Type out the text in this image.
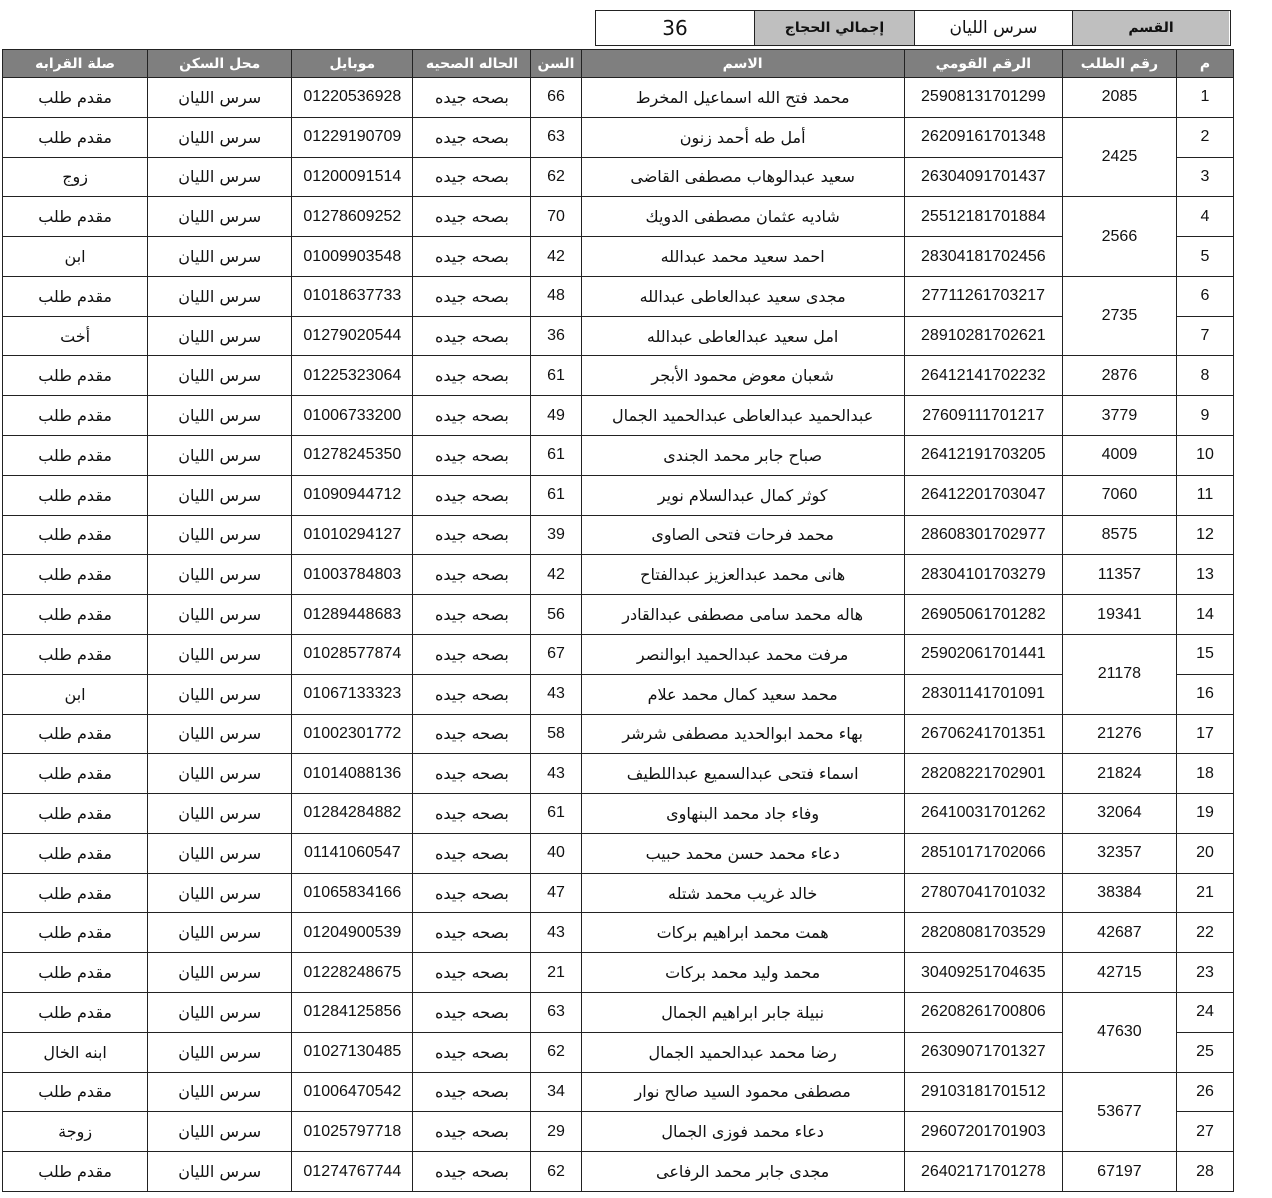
36	إجمالي الحجاج	سرس الليان	القسم
م	رقم الطلب	الرقم القومي	الاسم	السن	الحاله الصحيه	موبايل	محل السكن	صلة القرابه
1	2085	25908131701299	محمد فتح الله اسماعيل المخرط	66	بصحه جيده	01220536928	سرس الليان	مقدم طلب
2	2425	26209161701348	أمل طه أحمد زنون	63	بصحه جيده	01229190709	سرس الليان	مقدم طلب
3		26304091701437	سعيد عبدالوهاب مصطفى القاضى	62	بصحه جيده	01200091514	سرس الليان	زوج
4	2566	25512181701884	شاديه عثمان مصطفى الدويك	70	بصحه جيده	01278609252	سرس الليان	مقدم طلب
5		28304181702456	احمد سعيد محمد عبدالله	42	بصحه جيده	01009903548	سرس الليان	ابن
6	2735	27711261703217	مجدى سعيد عبدالعاطى عبدالله	48	بصحه جيده	01018637733	سرس الليان	مقدم طلب
7		28910281702621	امل سعيد عبدالعاطى عبدالله	36	بصحه جيده	01279020544	سرس الليان	أخت
8	2876	26412141702232	شعبان معوض محمود الأبجر	61	بصحه جيده	01225323064	سرس الليان	مقدم طلب
9	3779	27609111701217	عبدالحميد عبدالعاطى عبدالحميد الجمال	49	بصحه جيده	01006733200	سرس الليان	مقدم طلب
10	4009	26412191703205	صباح جابر محمد الجندى	61	بصحه جيده	01278245350	سرس الليان	مقدم طلب
11	7060	26412201703047	كوثر كمال عبدالسلام نوير	61	بصحه جيده	01090944712	سرس الليان	مقدم طلب
12	8575	28608301702977	محمد فرحات فتحى الصاوى	39	بصحه جيده	01010294127	سرس الليان	مقدم طلب
13	11357	28304101703279	هانى محمد عبدالعزيز عبدالفتاح	42	بصحه جيده	01003784803	سرس الليان	مقدم طلب
14	19341	26905061701282	هاله محمد سامى مصطفى عبدالقادر	56	بصحه جيده	01289448683	سرس الليان	مقدم طلب
15	21178	25902061701441	مرفت محمد عبدالحميد ابوالنصر	67	بصحه جيده	01028577874	سرس الليان	مقدم طلب
16		28301141701091	محمد سعيد كمال محمد علام	43	بصحه جيده	01067133323	سرس الليان	ابن
17	21276	26706241701351	بهاء محمد ابوالحديد مصطفى شرشر	58	بصحه جيده	01002301772	سرس الليان	مقدم طلب
18	21824	28208221702901	اسماء فتحى عبدالسميع عبداللطيف	43	بصحه جيده	01014088136	سرس الليان	مقدم طلب
19	32064	26410031701262	وفاء جاد محمد البنهاوى	61	بصحه جيده	01284284882	سرس الليان	مقدم طلب
20	32357	28510171702066	دعاء محمد حسن محمد حبيب	40	بصحه جيده	01141060547	سرس الليان	مقدم طلب
21	38384	27807041701032	خالد غريب محمد شتله	47	بصحه جيده	01065834166	سرس الليان	مقدم طلب
22	42687	28208081703529	همت محمد ابراهيم بركات	43	بصحه جيده	01204900539	سرس الليان	مقدم طلب
23	42715	30409251704635	محمد وليد محمد بركات	21	بصحه جيده	01228248675	سرس الليان	مقدم طلب
24	47630	26208261700806	نبيلة جابر ابراهيم الجمال	63	بصحه جيده	01284125856	سرس الليان	مقدم طلب
25		26309071701327	رضا محمد عبدالحميد الجمال	62	بصحه جيده	01027130485	سرس الليان	ابنه الخال
26	53677	29103181701512	مصطفى محمود السيد صالح نوار	34	بصحه جيده	01006470542	سرس الليان	مقدم طلب
27		29607201701903	دعاء محمد فوزى الجمال	29	بصحه جيده	01025797718	سرس الليان	زوجة
28	67197	26402171701278	مجدى جابر محمد الرفاعى	62	بصحه جيده	01274767744	سرس الليان	مقدم طلب
